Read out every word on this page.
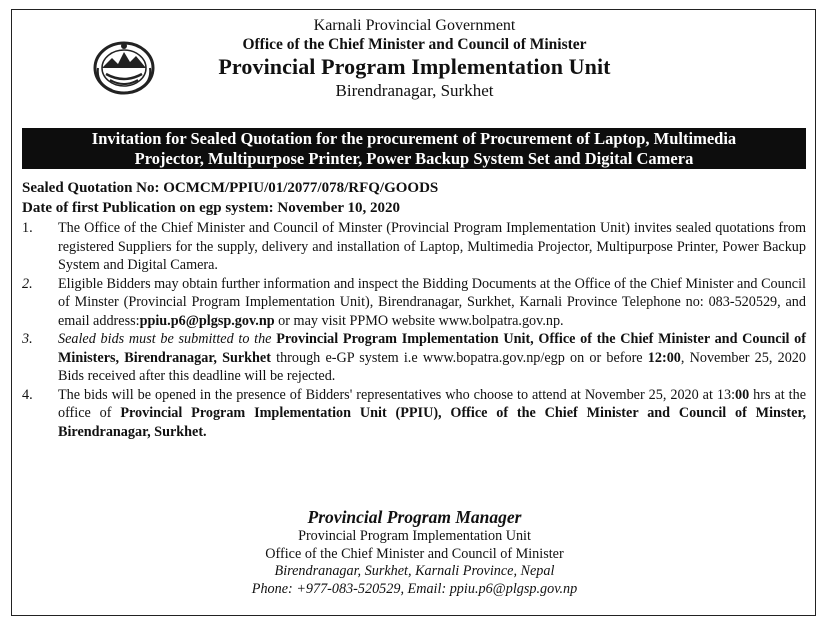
Karnali Provincial Government
Office of the Chief Minister and Council of Minister
Provincial Program Implementation Unit
Birendranagar, Surkhet
Invitation for Sealed Quotation for the procurement of Procurement of Laptop, Multimedia
Projector, Multipurpose Printer, Power Backup System Set and Digital Camera
Sealed Quotation No: OCMCM/PPIU/01/2077/078/RFQ/GOODS
Date of first Publication on egp system: November 10, 2020
1.	The Office of the Chief Minister and Council of Minster (Provincial Program Implementation Unit) invites sealed quotations from registered Suppliers for the supply, delivery and installation of Laptop, Multimedia Projector, Multipurpose Printer, Power Backup System and Digital Camera.
2.	Eligible Bidders may obtain further information and inspect the Bidding Documents at the Office of the Chief Minister and Council of Minster (Provincial Program Implementation Unit), Birendranagar, Surkhet, Karnali Province Telephone no: 083-520529, and email address:ppiu.p6@plgsp.gov.np or may visit PPMO website www.bolpatra.gov.np.
3.	Sealed bids must be submitted to the Provincial Program Implementation Unit, Office of the Chief Minister and Council of Ministers, Birendranagar, Surkhet through e-GP system i.e www.bopatra.gov.np/egp on or before 12:00, November 25, 2020 Bids received after this deadline will be rejected.
4.	The bids will be opened in the presence of Bidders' representatives who choose to attend at November 25, 2020 at 13:00 hrs at the office of Provincial Program Implementation Unit (PPIU), Office of the Chief Minister and Council of Minster, Birendranagar, Surkhet.
Provincial Program Manager
Provincial Program Implementation Unit
Office of the Chief Minister and Council of Minister
Birendranagar, Surkhet, Karnali Province, Nepal
Phone: +977-083-520529, Email: ppiu.p6@plgsp.gov.np
